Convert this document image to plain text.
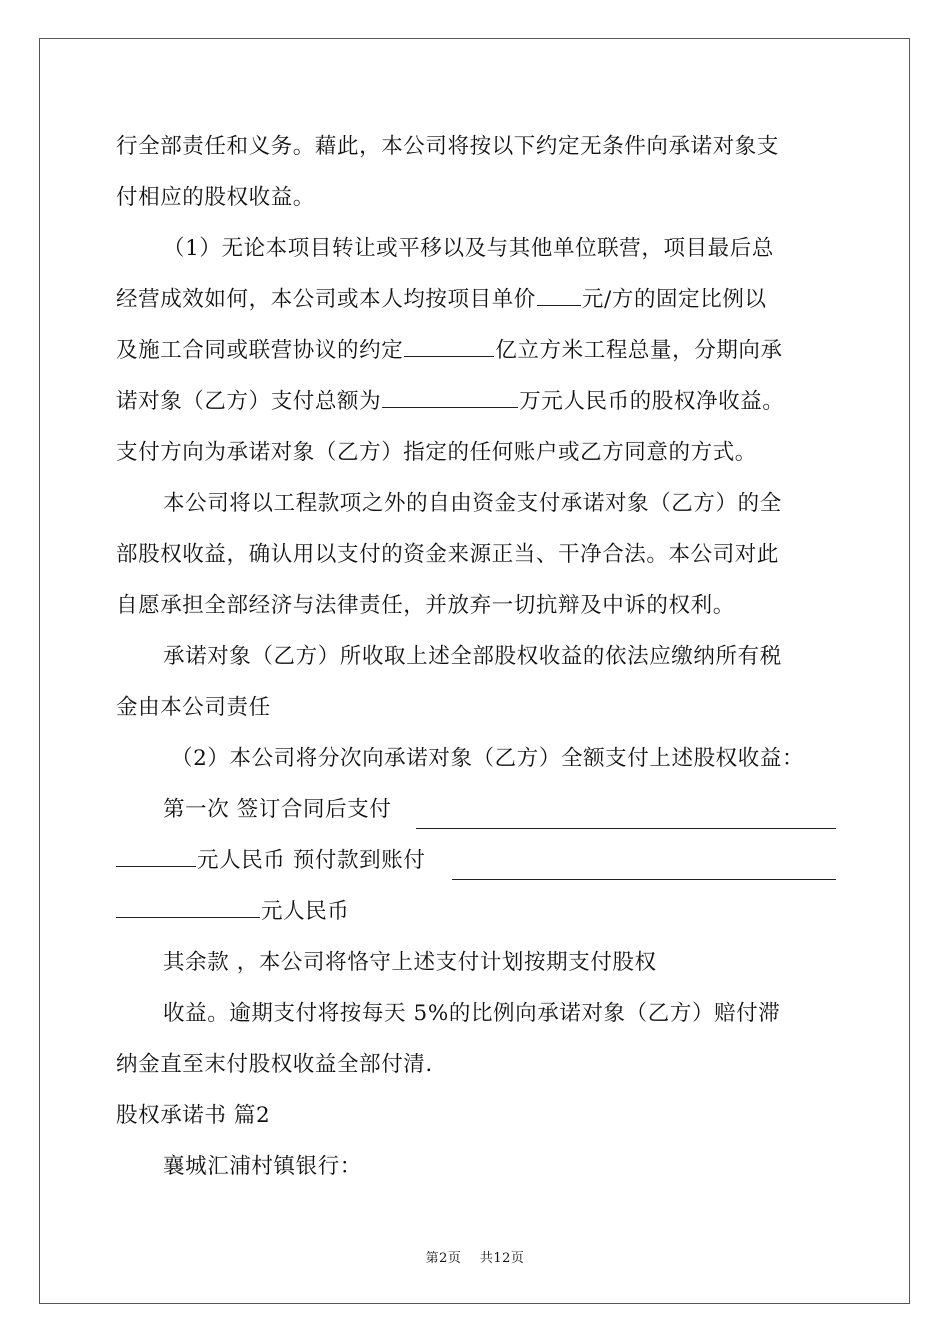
行全部责任和义务。藉此，本公司将按以下约定无条件向承诺对象支
付相应的股权收益。
（1）无论本项目转让或平移以及与其他单位联营，项目最后总
经营成效如何，本公司或本人均按项目单价 元/方的固定比例以
及施工合同或联营协议的约定	亿立方米工程总量，分期向承
诺对象（乙方）支付总额为	万元人民币的股权净收益。
支付方向为承诺对象（乙方）指定的任何账户或乙方同意的方式。
本公司将以工程款项之外的自由资金支付承诺对象（乙方）的全
部股权收益，确认用以支付的资金来源正当、干净合法。本公司对此
自愿承担全部经济与法律责任，并放弃一切抗辩及中诉的权利。
承诺对象（乙方）所收取上述全部股权收益的依法应缴纳所有税
金由本公司责任
（2）本公司将分次向承诺对象（乙方）全额支付上述股权收益：
第一次 签订合同后支付
元人民币 预付款到账付
元人民币
其余款 ，本公司将恪守上述支付计划按期支付股权
收益。逾期支付将按每天 5%的比例向承诺对象（乙方）赔付滞
纳金直至末付股权收益全部付清.
股权承诺书 篇2
襄城汇浦村镇银行：
第2页 共12页
